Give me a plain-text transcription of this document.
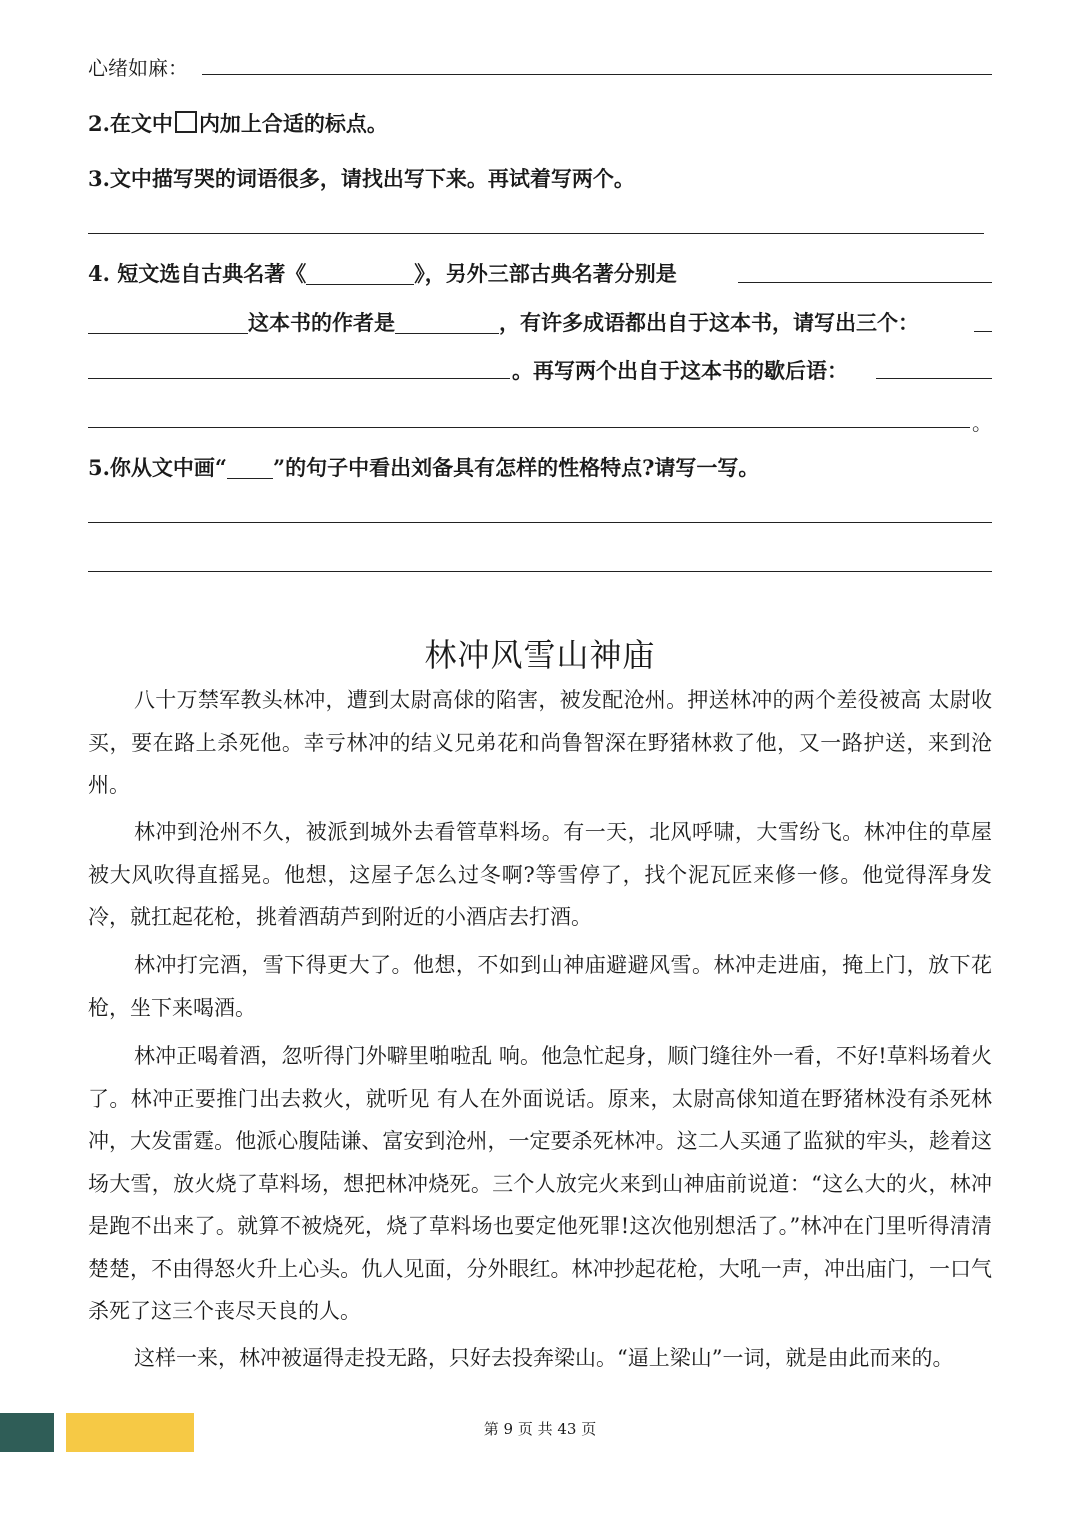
心绪如麻：
2.在文中 内加上合适的标点。
3.文中描写哭的词语很多，请找出写下来。再试着写两个。
4. 短文选自古典名著《	》，另外三部古典名著分别是
这本书的作者是	，有许多成语都出自于这本书，请写出三个：
。再写两个出自于这本书的歇后语：
。
5.你从文中画“ ”的句子中看出刘备具有怎样的性格特点?请写一写。
林冲风雪山神庙
八十万禁军教头林冲，遭到太尉高俅的陷害，被发配沧州。押送林冲的两个差役被高 太尉收买，要在路上杀死他。幸亏林冲的结义兄弟花和尚鲁智深在野猪林救了他，又一路护送，来到沧州。
林冲到沧州不久，被派到城外去看管草料场。有一天，北风呼啸，大雪纷飞。林冲住的草屋被大风吹得直摇晃。他想，这屋子怎么过冬啊?等雪停了，找个泥瓦匠来修一修。他觉得浑身发冷，就扛起花枪，挑着酒葫芦到附近的小酒店去打酒。
林冲打完酒，雪下得更大了。他想，不如到山神庙避避风雪。林冲走进庙，掩上门，放下花枪，坐下来喝酒。
林冲正喝着酒，忽听得门外噼里啪啦乱 响。他急忙起身，顺门缝往外一看，不好!草料场着火了。林冲正要推门出去救火，就听见 有人在外面说话。原来，太尉高俅知道在野猪林没有杀死林冲，大发雷霆。他派心腹陆谦、富安到沧州，一定要杀死林冲。这二人买通了监狱的牢头，趁着这场大雪，放火烧了草料场，想把林冲烧死。三个人放完火来到山神庙前说道：“这么大的火，林冲是跑不出来了。就算不被烧死，烧了草料场也要定他死罪!这次他别想活了。”林冲在门里听得清清楚楚，不由得怒火升上心头。仇人见面，分外眼红。林冲抄起花枪，大吼一声，冲出庙门，一口气杀死了这三个丧尽天良的人。
这样一来，林冲被逼得走投无路，只好去投奔梁山。“逼上梁山”一词，就是由此而来的。
第 9 页 共 43 页
